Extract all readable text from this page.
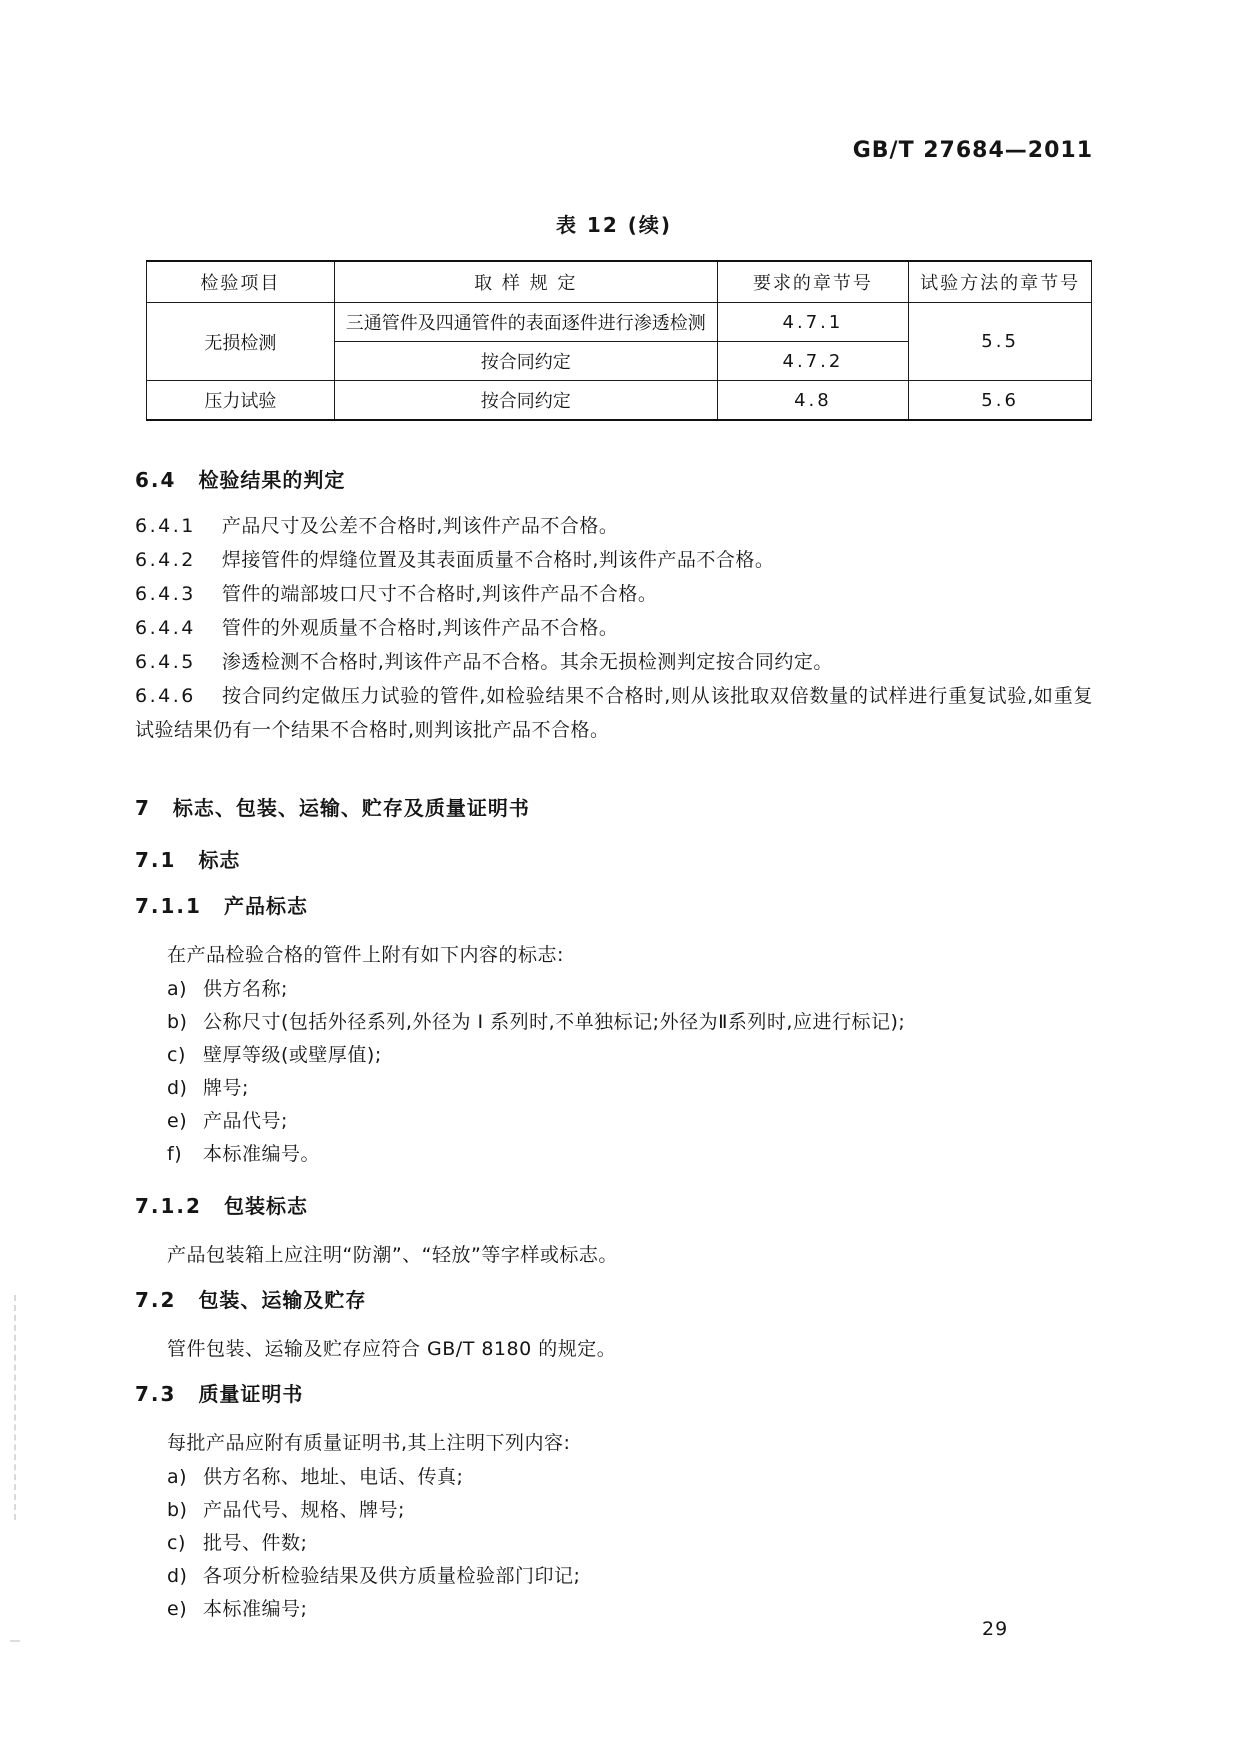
GB/T 27684—2011
表 12 (续)
检验项目	取 样 规 定	要求的章节号	试验方法的章节号
无损检测	三通管件及四通管件的表面逐件进行渗透检测	4.7.1	5.5
	按合同约定	4.7.2	
压力试验	按合同约定	4.8	5.6
6.4 检验结果的判定

6.4.1 产品尺寸及公差不合格时,判该件产品不合格。

6.4.2 焊接管件的焊缝位置及其表面质量不合格时,判该件产品不合格。

6.4.3 管件的端部坡口尺寸不合格时,判该件产品不合格。

6.4.4 管件的外观质量不合格时,判该件产品不合格。

6.4.5 渗透检测不合格时,判该件产品不合格。其余无损检测判定按合同约定。

6.4.6 按合同约定做压力试验的管件,如检验结果不合格时,则从该批取双倍数量的试样进行重复试验,如重复试验结果仍有一个结果不合格时,则判该批产品不合格。

7 标志、包装、运输、贮存及质量证明书
7.1 标志
7.1.1 产品标志

在产品检验合格的管件上附有如下内容的标志:

a) 供方名称;
b) 公称尺寸(包括外径系列,外径为 Ⅰ 系列时,不单独标记;外径为Ⅱ系列时,应进行标记);
c) 壁厚等级(或壁厚值);
d) 牌号;
e) 产品代号;
f)	本标准编号。
7.1.2 包装标志

产品包装箱上应注明“防潮”、“轻放”等字样或标志。

7.2 包装、运输及贮存

管件包装、运输及贮存应符合 GB/T 8180 的规定。

7.3 质量证明书

每批产品应附有质量证明书,其上注明下列内容:

a) 供方名称、地址、电话、传真;
b) 产品代号、规格、牌号;
c) 批号、件数;
d) 各项分析检验结果及供方质量检验部门印记;
e) 本标准编号;
29
